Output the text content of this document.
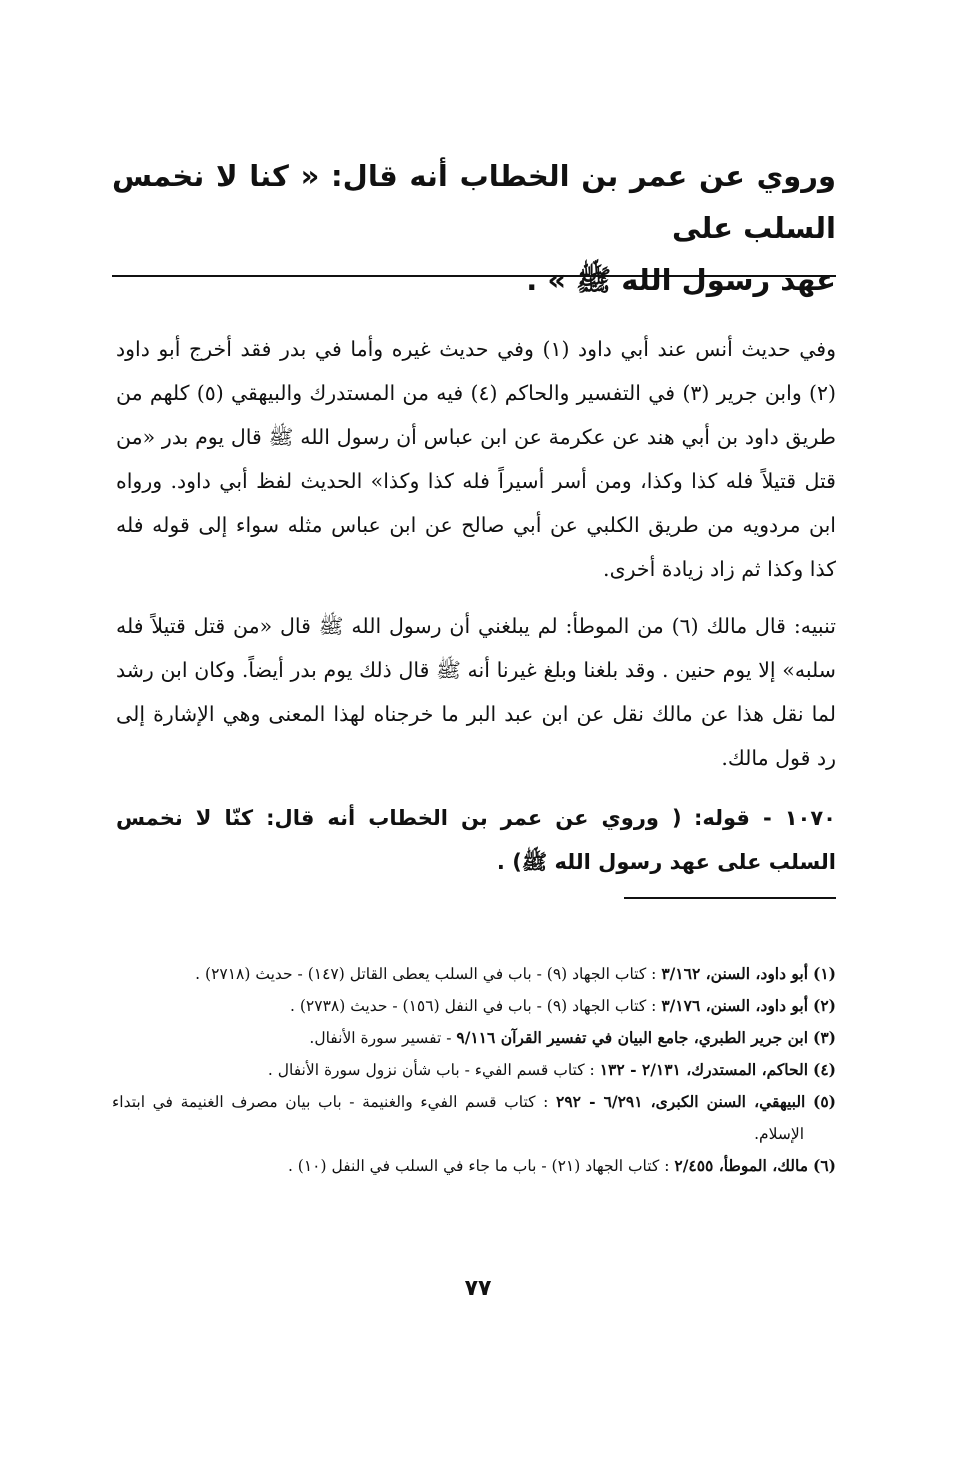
وروي عن عمر بن الخطاب أنه قال: « كنا لا نخمس السلب على
عهد رسول الله ﷺ » .

وفي حديث أنس عند أبي داود (١) وفي حديث غيره وأما في بدر فقد أخرج أبو داود (٢) وابن جرير (٣) في التفسير والحاكم (٤) فيه من المستدرك والبيهقي (٥) كلهم من طريق داود بن أبي هند عن عكرمة عن ابن عباس أن رسول الله ﷺ قال يوم بدر «من قتل قتيلاً فله كذا وكذا، ومن أسر أسيراً فله كذا وكذا» الحديث لفظ أبي داود. ورواه ابن مردويه من طريق الكلبي عن أبي صالح عن ابن عباس مثله سواء إلى قوله فله كذا وكذا ثم زاد زيادة أخرى.

تنبيه: قال مالك (٦) من الموطأ: لم يبلغني أن رسول الله ﷺ قال «من قتل قتيلاً فله سلبه» إلا يوم حنين . وقد بلغنا وبلغ غيرنا أنه ﷺ قال ذلك يوم بدر أيضاً. وكان ابن رشد لما نقل هذا عن مالك نقل عن ابن عبد البر ما خرجناه لهذا المعنى وهي الإشارة إلى رد قول مالك.

١٠٧٠ - قوله: ( وروي عن عمر بن الخطاب أنه قال: كنّا لا نخمس السلب على عهد رسول الله ﷺ) .

(١) أبو داود، السنن، ٣/١٦٢ : كتاب الجهاد (٩) - باب في السلب يعطى القاتل (١٤٧) - حديث (٢٧١٨) .

(٢) أبو داود، السنن، ٣/١٧٦ : كتاب الجهاد (٩) - باب في النفل (١٥٦) - حديث (٢٧٣٨) .

(٣) ابن جرير الطبري، جامع البيان في تفسير القرآن ٩/١١٦ - تفسير سورة الأنفال.

(٤) الحاكم، المستدرك، ٢/١٣١ - ١٣٢ : كتاب قسم الفيء - باب شأن نزول سورة الأنفال .

(٥) البيهقي، السنن الكبرى، ٦/٢٩١ - ٢٩٢ : كتاب قسم الفيء والغنيمة - باب بيان مصرف الغنيمة في ابتداء الإسلام.

(٦) مالك، الموطأ، ٢/٤٥٥ : كتاب الجهاد (٢١) - باب ما جاء في السلب في النفل (١٠) .

٧٧
